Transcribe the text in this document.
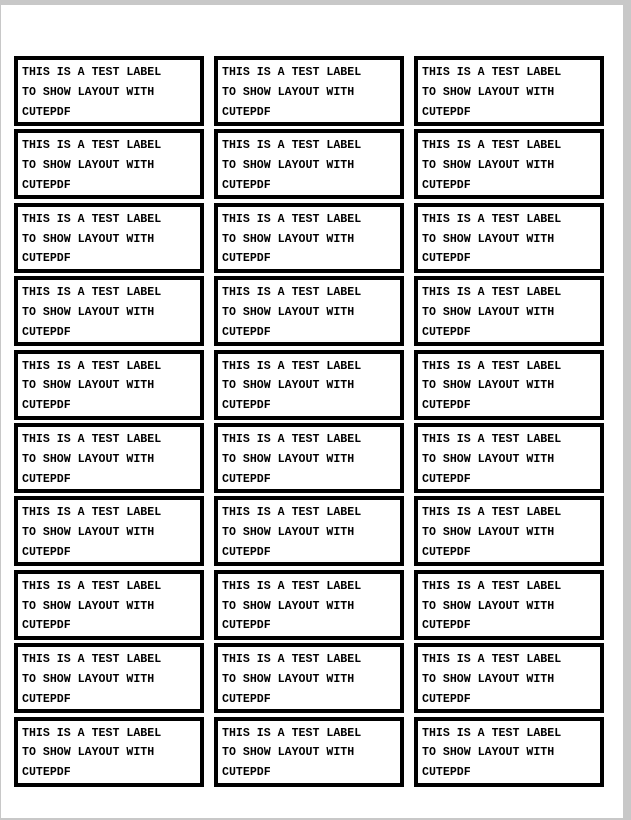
THIS IS A TEST LABEL
TO SHOW LAYOUT WITH
CUTEPDF
THIS IS A TEST LABEL
TO SHOW LAYOUT WITH
CUTEPDF
THIS IS A TEST LABEL
TO SHOW LAYOUT WITH
CUTEPDF
THIS IS A TEST LABEL
TO SHOW LAYOUT WITH
CUTEPDF
THIS IS A TEST LABEL
TO SHOW LAYOUT WITH
CUTEPDF
THIS IS A TEST LABEL
TO SHOW LAYOUT WITH
CUTEPDF
THIS IS A TEST LABEL
TO SHOW LAYOUT WITH
CUTEPDF
THIS IS A TEST LABEL
TO SHOW LAYOUT WITH
CUTEPDF
THIS IS A TEST LABEL
TO SHOW LAYOUT WITH
CUTEPDF
THIS IS A TEST LABEL
TO SHOW LAYOUT WITH
CUTEPDF
THIS IS A TEST LABEL
TO SHOW LAYOUT WITH
CUTEPDF
THIS IS A TEST LABEL
TO SHOW LAYOUT WITH
CUTEPDF
THIS IS A TEST LABEL
TO SHOW LAYOUT WITH
CUTEPDF
THIS IS A TEST LABEL
TO SHOW LAYOUT WITH
CUTEPDF
THIS IS A TEST LABEL
TO SHOW LAYOUT WITH
CUTEPDF
THIS IS A TEST LABEL
TO SHOW LAYOUT WITH
CUTEPDF
THIS IS A TEST LABEL
TO SHOW LAYOUT WITH
CUTEPDF
THIS IS A TEST LABEL
TO SHOW LAYOUT WITH
CUTEPDF
THIS IS A TEST LABEL
TO SHOW LAYOUT WITH
CUTEPDF
THIS IS A TEST LABEL
TO SHOW LAYOUT WITH
CUTEPDF
THIS IS A TEST LABEL
TO SHOW LAYOUT WITH
CUTEPDF
THIS IS A TEST LABEL
TO SHOW LAYOUT WITH
CUTEPDF
THIS IS A TEST LABEL
TO SHOW LAYOUT WITH
CUTEPDF
THIS IS A TEST LABEL
TO SHOW LAYOUT WITH
CUTEPDF
THIS IS A TEST LABEL
TO SHOW LAYOUT WITH
CUTEPDF
THIS IS A TEST LABEL
TO SHOW LAYOUT WITH
CUTEPDF
THIS IS A TEST LABEL
TO SHOW LAYOUT WITH
CUTEPDF
THIS IS A TEST LABEL
TO SHOW LAYOUT WITH
CUTEPDF
THIS IS A TEST LABEL
TO SHOW LAYOUT WITH
CUTEPDF
THIS IS A TEST LABEL
TO SHOW LAYOUT WITH
CUTEPDF
